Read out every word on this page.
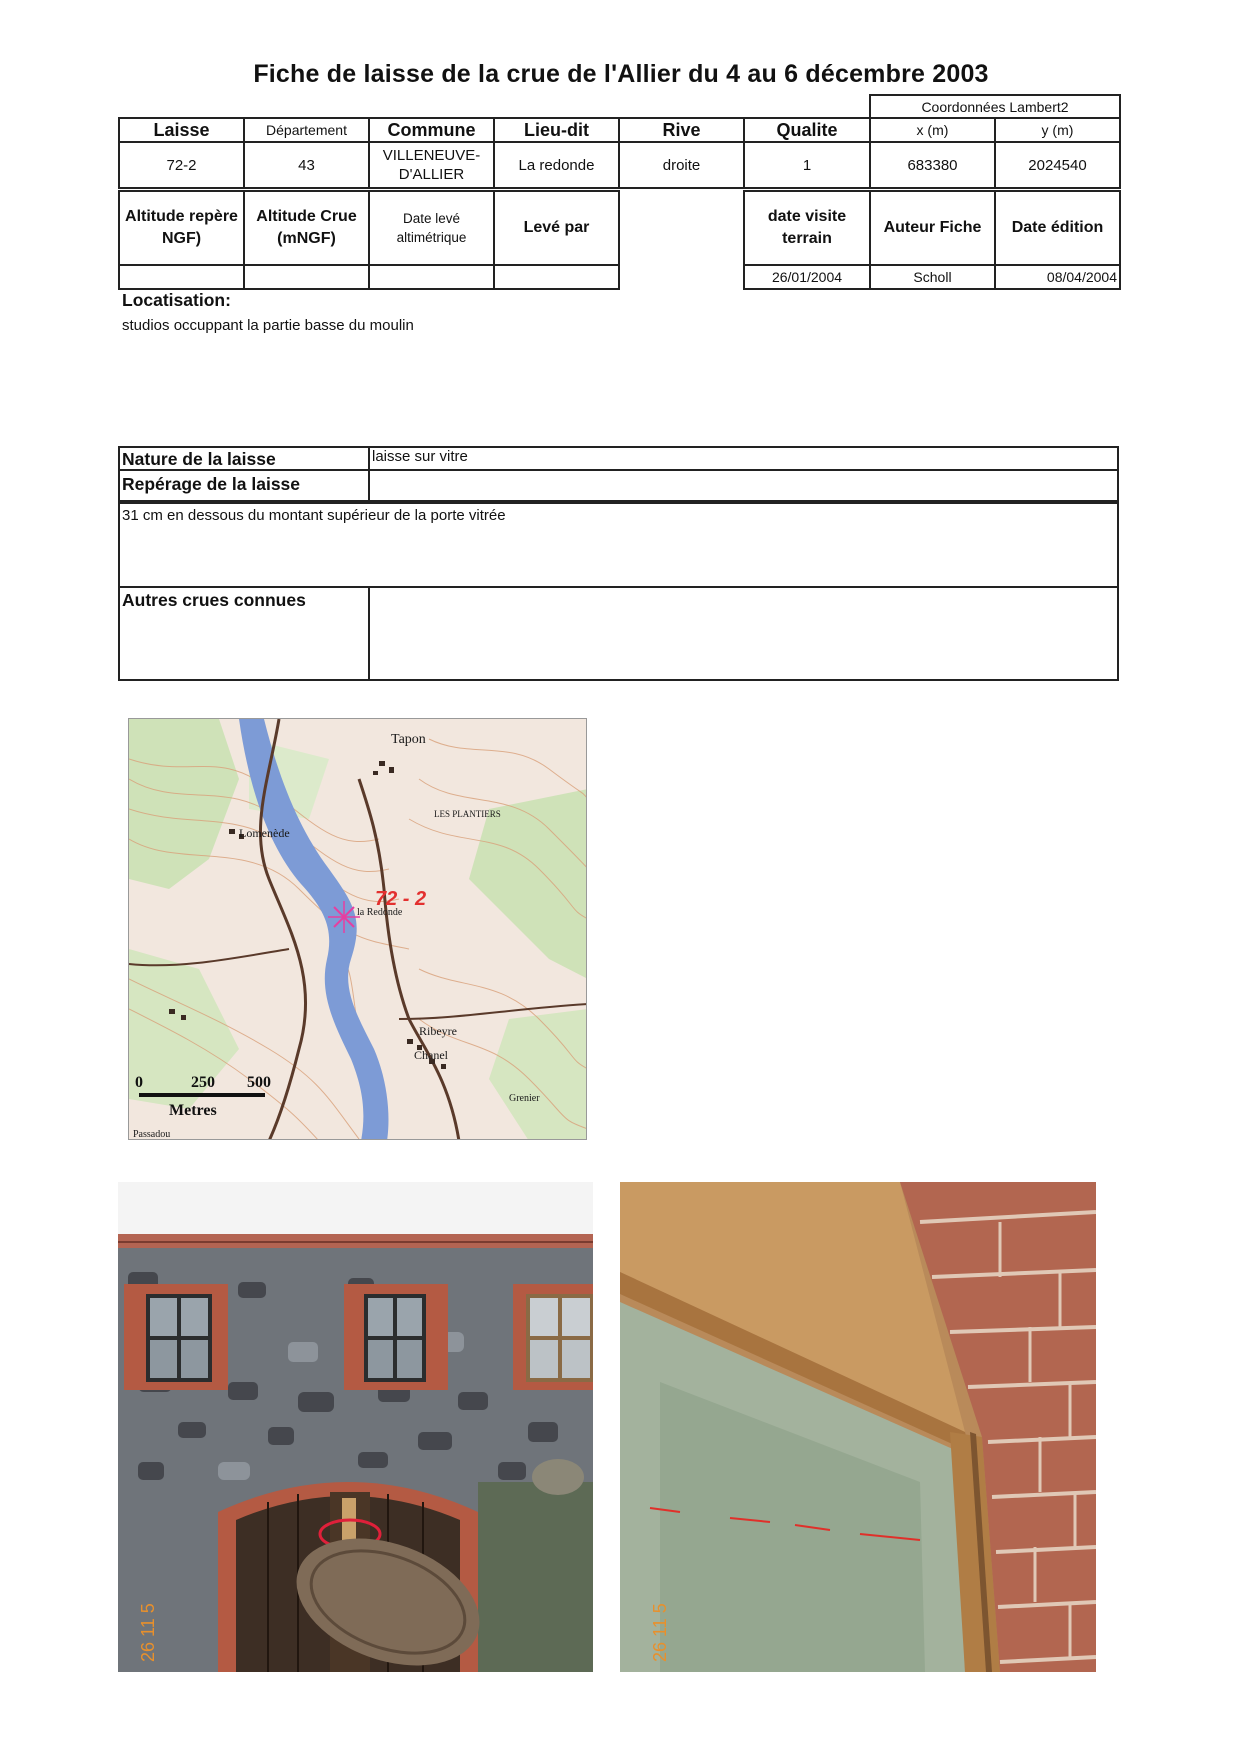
Fiche de laisse de la crue de l'Allier du 4 au 6 décembre 2003
						Coordonnées Lambert2	
Laisse	Département	Commune	Lieu-dit	Rive	Qualite	x (m)	y (m)
72-2	43	VILLENEUVE-D'ALLIER	La redonde	droite	1	683380	2024540
Altitude repère NGF)	Altitude Crue (mNGF)	Date levé altimétrique	Levé par		date visite terrain	Auteur Fiche	Date édition
					26/01/2004	Scholl	08/04/2004
Locatisation:
studios occuppant la partie basse du moulin
Nature de la laisse	laisse sur vitre
Repérage de la laisse
31 cm en dessous du montant supérieur de la porte vitrée
Autres crues connues
Tapon
Lomenède
LES PLANTIERS
la Redonde
Ribeyre
Chanel
Grenier
Passadou
72 - 2
0	250 500
Metres
26 11 5	26 11 5
